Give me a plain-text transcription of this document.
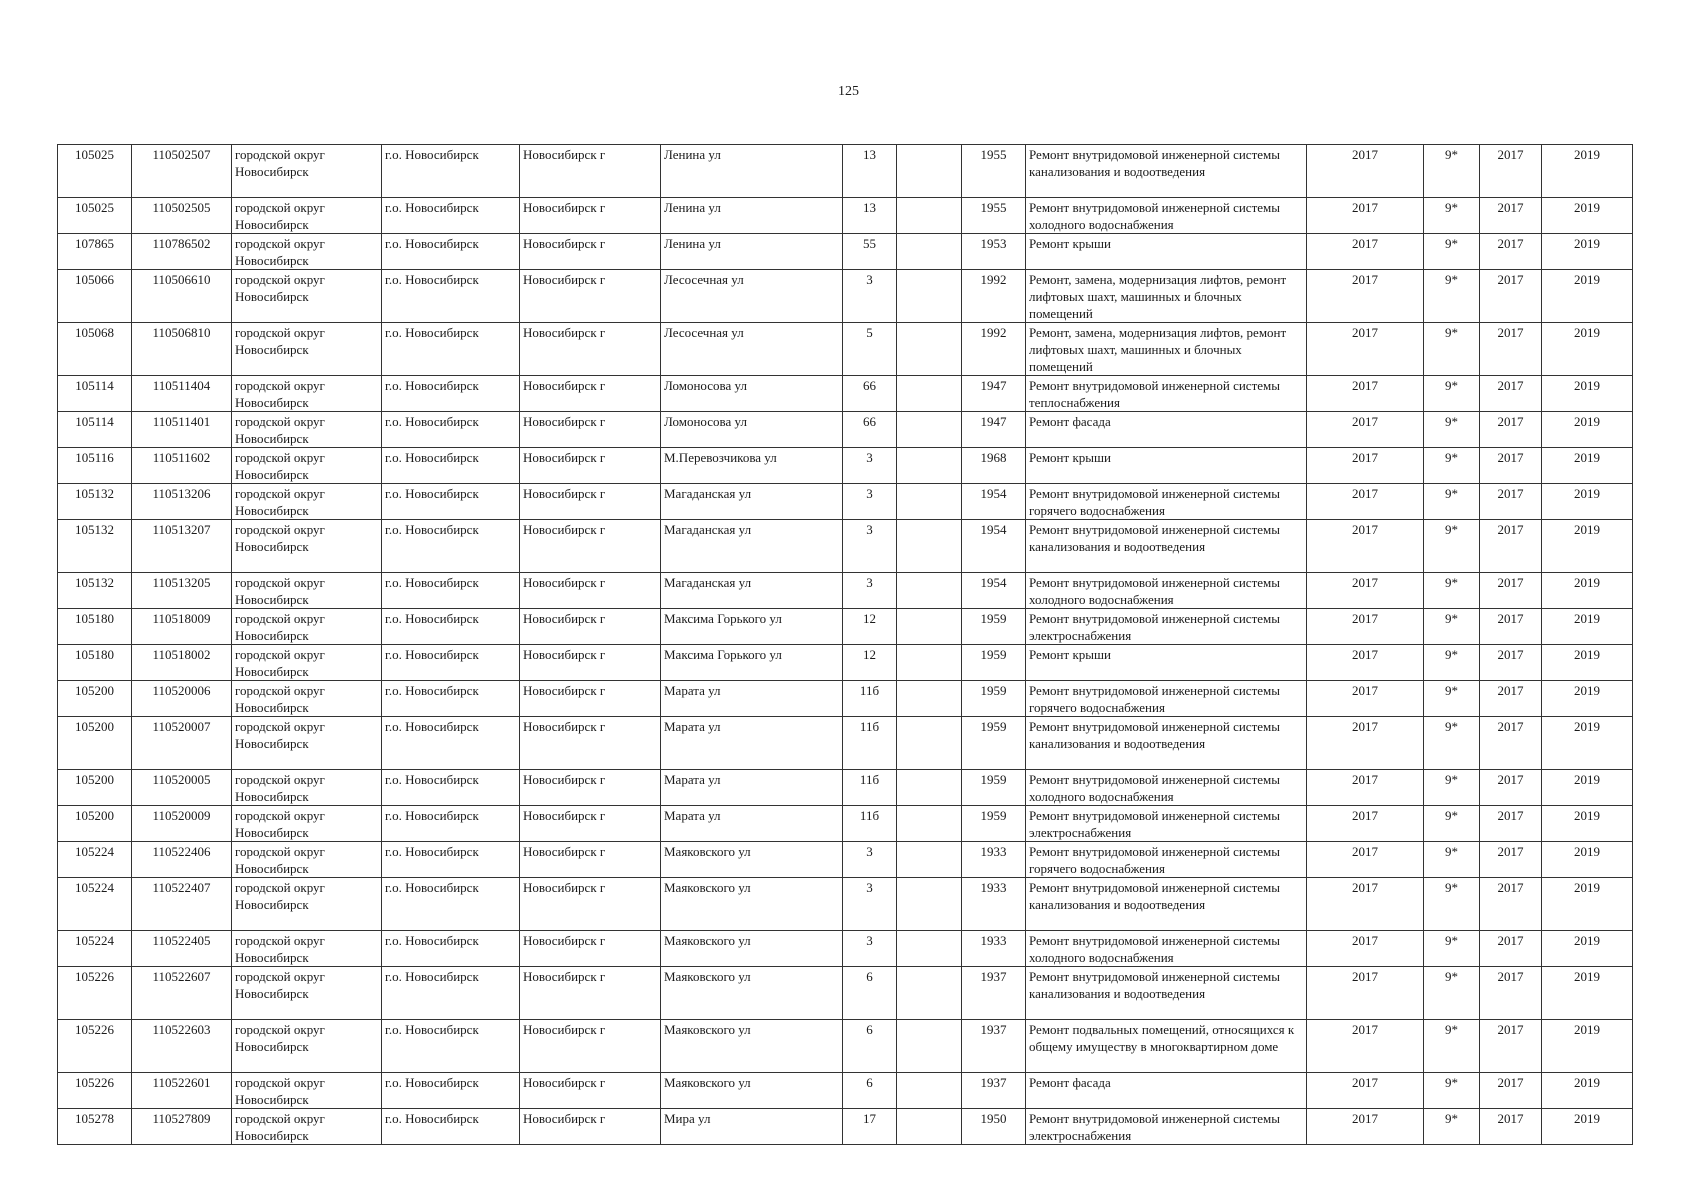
125
105025	110502507	городской округ Новосибирск	г.о. Новосибирск	Новосибирск г	Ленина ул	13		1955	Ремонт внутридомовой инженерной системы канализования и водоотведения	2017	9*	2017	2019
105025	110502505	городской округ Новосибирск	г.о. Новосибирск	Новосибирск г	Ленина ул	13		1955	Ремонт внутридомовой инженерной системы холодного водоснабжения	2017	9*	2017	2019
107865	110786502	городской округ Новосибирск	г.о. Новосибирск	Новосибирск г	Ленина ул	55		1953	Ремонт крыши	2017	9*	2017	2019
105066	110506610	городской округ Новосибирск	г.о. Новосибирск	Новосибирск г	Лесосечная ул	3		1992	Ремонт, замена, модернизация лифтов, ремонт лифтовых шахт, машинных и блочных помещений	2017	9*	2017	2019
105068	110506810	городской округ Новосибирск	г.о. Новосибирск	Новосибирск г	Лесосечная ул	5		1992	Ремонт, замена, модернизация лифтов, ремонт лифтовых шахт, машинных и блочных помещений	2017	9*	2017	2019
105114	110511404	городской округ Новосибирск	г.о. Новосибирск	Новосибирск г	Ломоносова ул	66		1947	Ремонт внутридомовой инженерной системы теплоснабжения	2017	9*	2017	2019
105114	110511401	городской округ Новосибирск	г.о. Новосибирск	Новосибирск г	Ломоносова ул	66		1947	Ремонт фасада	2017	9*	2017	2019
105116	110511602	городской округ Новосибирск	г.о. Новосибирск	Новосибирск г	М.Перевозчикова ул	3		1968	Ремонт крыши	2017	9*	2017	2019
105132	110513206	городской округ Новосибирск	г.о. Новосибирск	Новосибирск г	Магаданская ул	3		1954	Ремонт внутридомовой инженерной системы горячего водоснабжения	2017	9*	2017	2019
105132	110513207	городской округ Новосибирск	г.о. Новосибирск	Новосибирск г	Магаданская ул	3		1954	Ремонт внутридомовой инженерной системы канализования и водоотведения	2017	9*	2017	2019
105132	110513205	городской округ Новосибирск	г.о. Новосибирск	Новосибирск г	Магаданская ул	3		1954	Ремонт внутридомовой инженерной системы холодного водоснабжения	2017	9*	2017	2019
105180	110518009	городской округ Новосибирск	г.о. Новосибирск	Новосибирск г	Максима Горького ул	12		1959	Ремонт внутридомовой инженерной системы электроснабжения	2017	9*	2017	2019
105180	110518002	городской округ Новосибирск	г.о. Новосибирск	Новосибирск г	Максима Горького ул	12		1959	Ремонт крыши	2017	9*	2017	2019
105200	110520006	городской округ Новосибирск	г.о. Новосибирск	Новосибирск г	Марата ул	11б		1959	Ремонт внутридомовой инженерной системы горячего водоснабжения	2017	9*	2017	2019
105200	110520007	городской округ Новосибирск	г.о. Новосибирск	Новосибирск г	Марата ул	11б		1959	Ремонт внутридомовой инженерной системы канализования и водоотведения	2017	9*	2017	2019
105200	110520005	городской округ Новосибирск	г.о. Новосибирск	Новосибирск г	Марата ул	11б		1959	Ремонт внутридомовой инженерной системы холодного водоснабжения	2017	9*	2017	2019
105200	110520009	городской округ Новосибирск	г.о. Новосибирск	Новосибирск г	Марата ул	11б		1959	Ремонт внутридомовой инженерной системы электроснабжения	2017	9*	2017	2019
105224	110522406	городской округ Новосибирск	г.о. Новосибирск	Новосибирск г	Маяковского ул	3		1933	Ремонт внутридомовой инженерной системы горячего водоснабжения	2017	9*	2017	2019
105224	110522407	городской округ Новосибирск	г.о. Новосибирск	Новосибирск г	Маяковского ул	3		1933	Ремонт внутридомовой инженерной системы канализования и водоотведения	2017	9*	2017	2019
105224	110522405	городской округ Новосибирск	г.о. Новосибирск	Новосибирск г	Маяковского ул	3		1933	Ремонт внутридомовой инженерной системы холодного водоснабжения	2017	9*	2017	2019
105226	110522607	городской округ Новосибирск	г.о. Новосибирск	Новосибирск г	Маяковского ул	6		1937	Ремонт внутридомовой инженерной системы канализования и водоотведения	2017	9*	2017	2019
105226	110522603	городской округ Новосибирск	г.о. Новосибирск	Новосибирск г	Маяковского ул	6		1937	Ремонт подвальных помещений, относящихся к общему имуществу в многоквартирном доме	2017	9*	2017	2019
105226	110522601	городской округ Новосибирск	г.о. Новосибирск	Новосибирск г	Маяковского ул	6		1937	Ремонт фасада	2017	9*	2017	2019
105278	110527809	городской округ Новосибирск	г.о. Новосибирск	Новосибирск г	Мира ул	17		1950	Ремонт внутридомовой инженерной системы электроснабжения	2017	9*	2017	2019
